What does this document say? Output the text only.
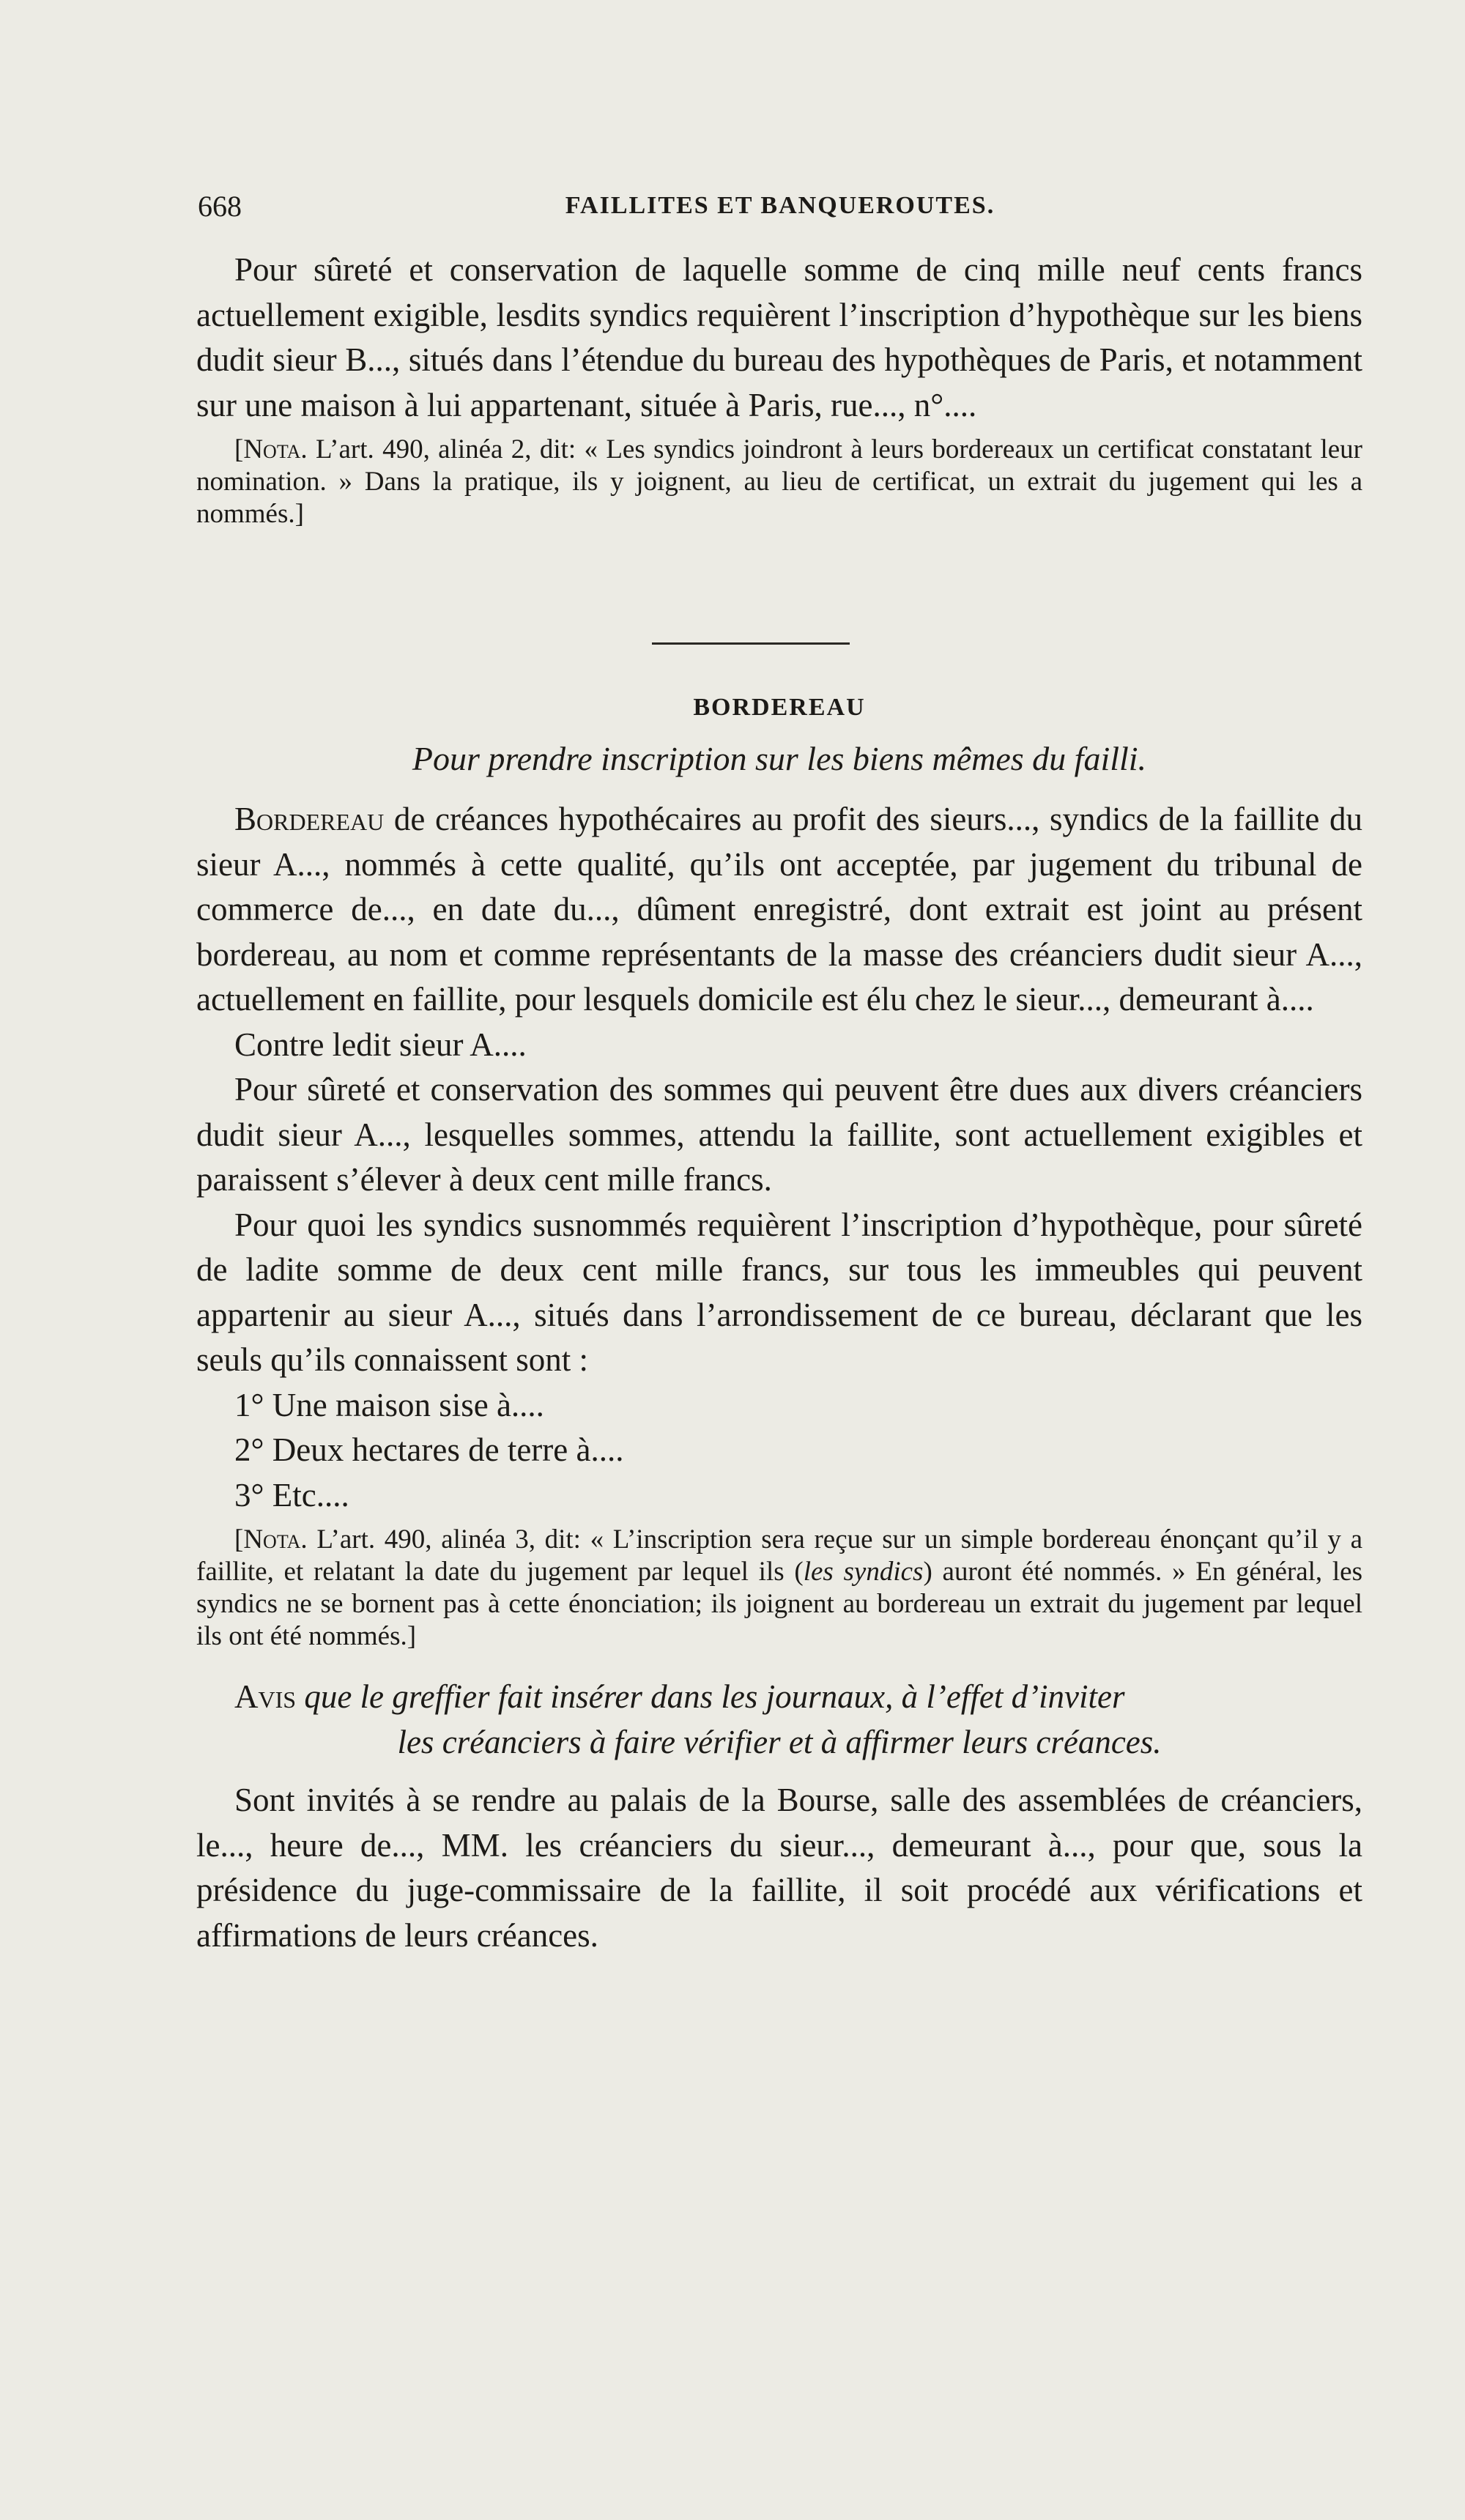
668	FAILLITES ET BANQUEROUTES.

Pour sûreté et conservation de laquelle somme de cinq mille neuf cents francs actuellement exigible, lesdits syndics requièrent l’inscription d’hypothèque sur les biens dudit sieur B..., situés dans l’étendue du bureau des hypothèques de Paris, et notamment sur une maison à lui appartenant, située à Paris, rue..., n°....

[Nota. L’art. 490, alinéa 2, dit: « Les syndics joindront à leurs bordereaux un certificat constatant leur nomination. » Dans la pratique, ils y joignent, au lieu de certificat, un extrait du jugement qui les a nommés.]

BORDEREAU
Pour prendre inscription sur les biens mêmes du failli.

Bordereau de créances hypothécaires au profit des sieurs..., syndics de la faillite du sieur A..., nommés à cette qualité, qu’ils ont acceptée, par jugement du tribunal de commerce de..., en date du..., dûment enregistré, dont extrait est joint au présent bordereau, au nom et comme représentants de la masse des créanciers dudit sieur A..., actuellement en faillite, pour lesquels domicile est élu chez le sieur..., demeurant à....

Contre ledit sieur A....

Pour sûreté et conservation des sommes qui peuvent être dues aux divers créanciers dudit sieur A..., lesquelles sommes, attendu la faillite, sont actuellement exigibles et paraissent s’élever à deux cent mille francs.

Pour quoi les syndics susnommés requièrent l’inscription d’hypothèque, pour sûreté de ladite somme de deux cent mille francs, sur tous les immeubles qui peuvent appartenir au sieur A..., situés dans l’arrondissement de ce bureau, déclarant que les seuls qu’ils connaissent sont :

1° Une maison sise à....

2° Deux hectares de terre à....

3° Etc....

[Nota. L’art. 490, alinéa 3, dit: « L’inscription sera reçue sur un simple bordereau énonçant qu’il y a faillite, et relatant la date du jugement par lequel ils (les syndics) auront été nommés. » En général, les syndics ne se bornent pas à cette énonciation; ils joignent au bordereau un extrait du jugement par lequel ils ont été nommés.]

Avis que le greffier fait insérer dans les journaux, à l’effet d’inviter
les créanciers à faire vérifier et à affirmer leurs créances.

Sont invités à se rendre au palais de la Bourse, salle des assemblées de créanciers, le..., heure de..., MM. les créanciers du sieur..., demeurant à..., pour que, sous la présidence du juge-commissaire de la faillite, il soit procédé aux vérifications et affirmations de leurs créances.
